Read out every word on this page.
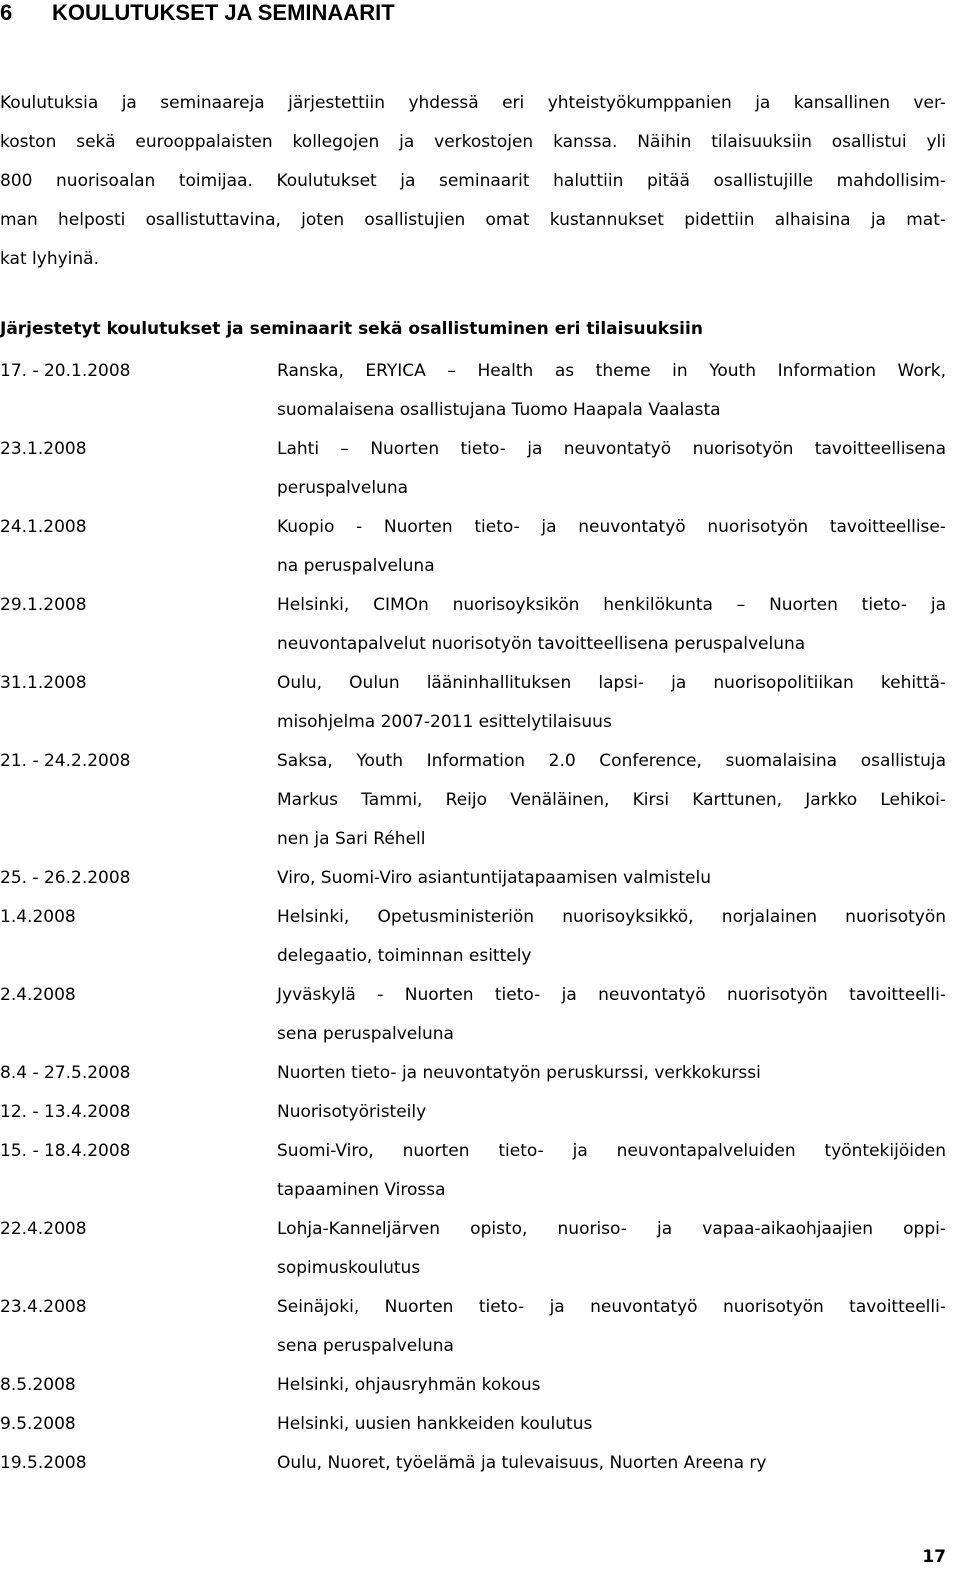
6 KOULUTUKSET JA SEMINAARIT

Koulutuksia ja seminaareja järjestettiin yhdessä eri yhteistyökumppanien ja kansallinen ver-
koston sekä eurooppalaisten kollegojen ja verkostojen kanssa. Näihin tilaisuuksiin osallistui yli
800 nuorisoalan toimijaa. Koulutukset ja seminaarit haluttiin pitää osallistujille mahdollisim-
man helposti osallistuttavina, joten osallistujien omat kustannukset pidettiin alhaisina ja mat-
kat lyhyinä.

Järjestetyt koulutukset ja seminaarit sekä osallistuminen eri tilaisuuksiin
17. - 20.1.2008	Ranska, ERYICA – Health as theme in Youth Information Work,
suomalaisena osallistujana Tuomo Haapala Vaalasta
23.1.2008	Lahti – Nuorten tieto- ja neuvontatyö nuorisotyön tavoitteellisena
peruspalveluna
24.1.2008	Kuopio - Nuorten tieto- ja neuvontatyö nuorisotyön tavoitteellise-
na peruspalveluna
29.1.2008	Helsinki, CIMOn nuorisoyksikön henkilökunta – Nuorten tieto- ja
neuvontapalvelut nuorisotyön tavoitteellisena peruspalveluna
31.1.2008	Oulu, Oulun lääninhallituksen lapsi- ja nuorisopolitiikan kehittä-
misohjelma 2007-2011 esittelytilaisuus
21. - 24.2.2008	Saksa, Youth Information 2.0 Conference, suomalaisina osallistuja
Markus Tammi, Reijo Venäläinen, Kirsi Karttunen, Jarkko Lehikoi-
nen ja Sari Réhell
25. - 26.2.2008	Viro, Suomi-Viro asiantuntijatapaamisen valmistelu
1.4.2008	Helsinki, Opetusministeriön nuorisoyksikkö, norjalainen nuorisotyön
delegaatio, toiminnan esittely
2.4.2008	Jyväskylä - Nuorten tieto- ja neuvontatyö nuorisotyön tavoitteelli-
sena peruspalveluna
8.4 - 27.5.2008	Nuorten tieto- ja neuvontatyön peruskurssi, verkkokurssi
12. - 13.4.2008	Nuorisotyöristeily
15. - 18.4.2008	Suomi-Viro, nuorten tieto- ja neuvontapalveluiden työntekijöiden
tapaaminen Virossa
22.4.2008	Lohja-Kanneljärven opisto, nuoriso- ja vapaa-aikaohjaajien oppi-
sopimuskoulutus
23.4.2008	Seinäjoki, Nuorten tieto- ja neuvontatyö nuorisotyön tavoitteelli-
sena peruspalveluna
8.5.2008	Helsinki, ohjausryhmän kokous
9.5.2008	Helsinki, uusien hankkeiden koulutus
19.5.2008	Oulu, Nuoret, työelämä ja tulevaisuus, Nuorten Areena ry
17
